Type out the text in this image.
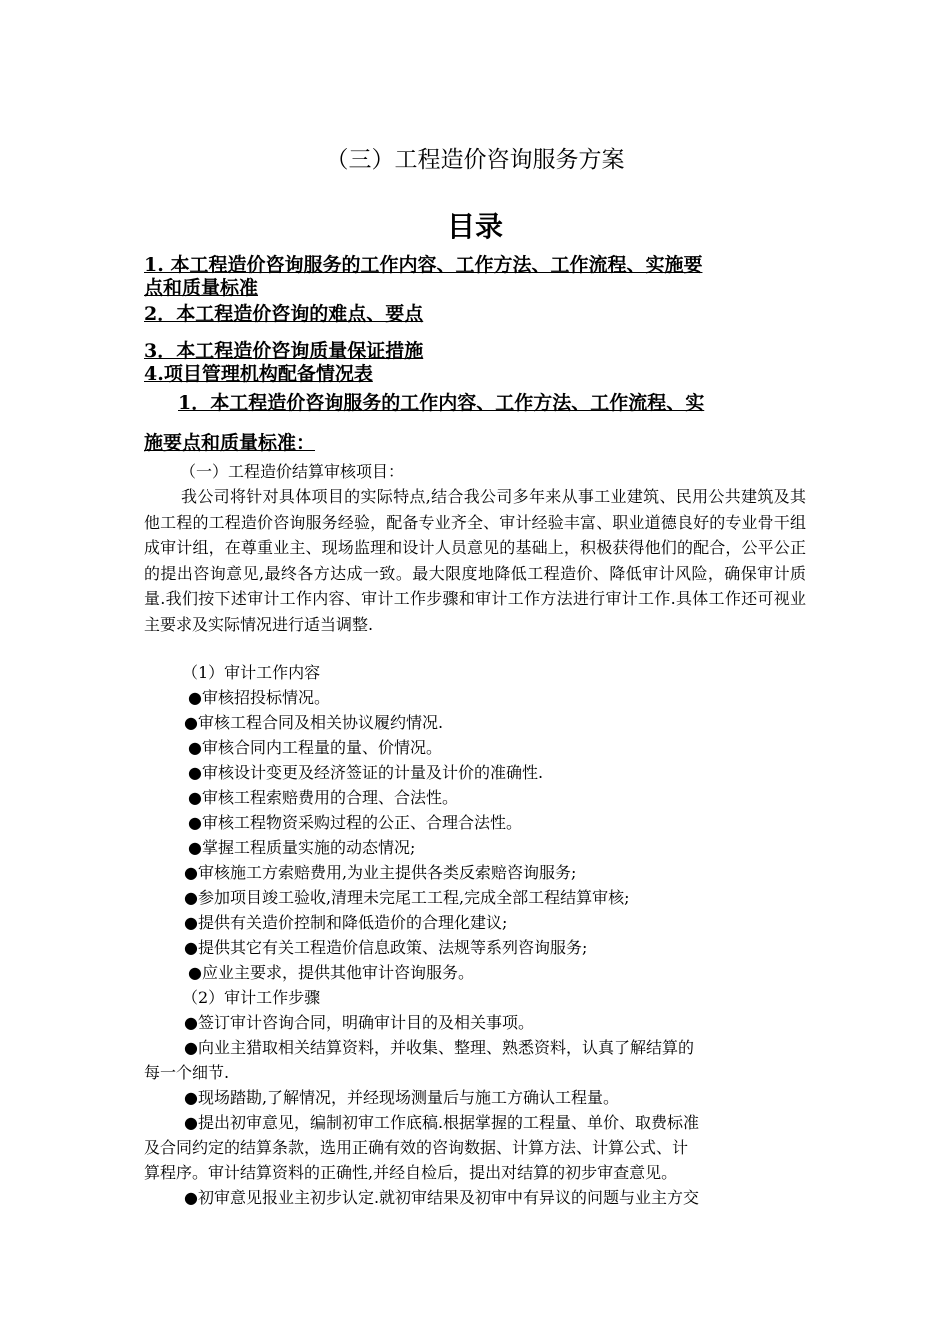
（三）工程造价咨询服务方案
目录
1. 本工程造价咨询服务的工作内容、工作方法、工作流程、实施要
点和质量标准
2．本工程造价咨询的难点、要点
3．本工程造价咨询质量保证措施
4.项目管理机构配备情况表
1．本工程造价咨询服务的工作内容、工作方法、工作流程、实
施要点和质量标准：
（一）工程造价结算审核项目：
我公司将针对具体项目的实际特点,结合我公司多年来从事工业建筑、民用公共建筑及其他工程的工程造价咨询服务经验，配备专业齐全、审计经验丰富、职业道德良好的专业骨干组成审计组，在尊重业主、现场监理和设计人员意见的基础上，积极获得他们的配合，公平公正的提出咨询意见,最终各方达成一致。最大限度地降低工程造价、降低审计风险，确保审计质量.我们按下述审计工作内容、审计工作步骤和审计工作方法进行审计工作.具体工作还可视业主要求及实际情况进行适当调整.
（1）审计工作内容
●审核招投标情况。
●审核工程合同及相关协议履约情况.
●审核合同内工程量的量、价情况。
●审核设计变更及经济签证的计量及计价的准确性.
●审核工程索赔费用的合理、合法性。
●审核工程物资采购过程的公正、合理合法性。
●掌握工程质量实施的动态情况;
●审核施工方索赔费用,为业主提供各类反索赔咨询服务;
●参加项目竣工验收,清理未完尾工工程,完成全部工程结算审核;
●提供有关造价控制和降低造价的合理化建议;
●提供其它有关工程造价信息政策、法规等系列咨询服务;
●应业主要求，提供其他审计咨询服务。
（2）审计工作步骤
●签订审计咨询合同，明确审计目的及相关事项。
●向业主猎取相关结算资料，并收集、整理、熟悉资料，认真了解结算的
每一个细节.
●现场踏勘,了解情况，并经现场测量后与施工方确认工程量。
●提出初审意见，编制初审工作底稿.根据掌握的工程量、单价、取费标准
及合同约定的结算条款，选用正确有效的咨询数据、计算方法、计算公式、计
算程序。审计结算资料的正确性,并经自检后，提出对结算的初步审查意见。
●初审意见报业主初步认定.就初审结果及初审中有异议的问题与业主方交
